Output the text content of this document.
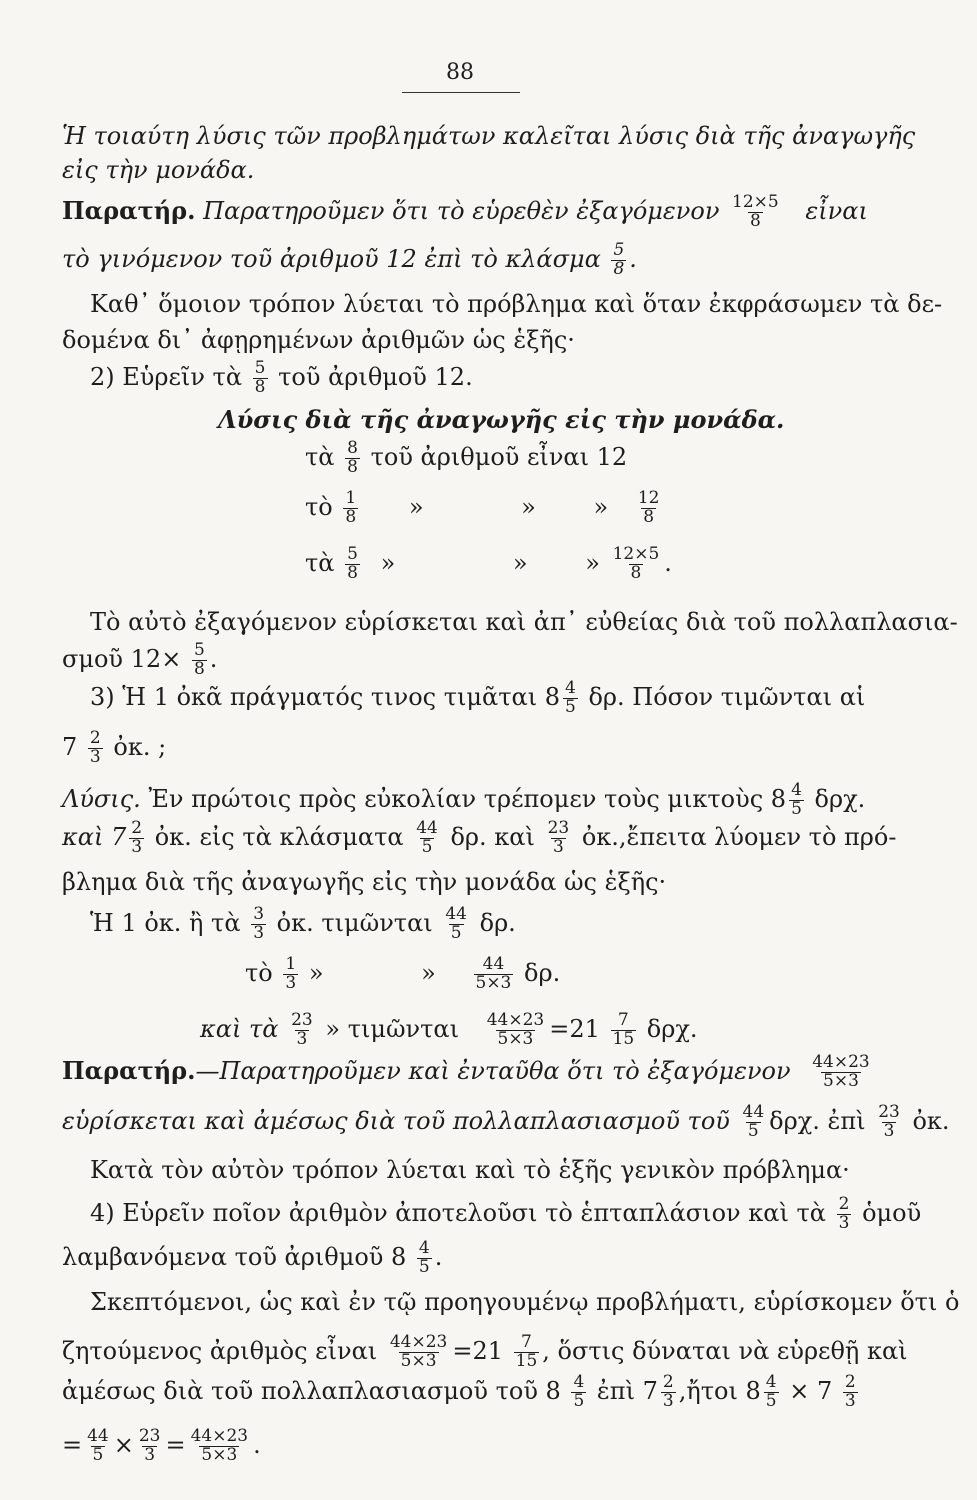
88
Ἡ τοιαύτη λύσις τῶν προβλημάτων καλεῖται λύσις διὰ τῆς ἀναγωγῆς
εἰς τὴν μονάδα.
Παρατήρ. Παρατηροῦμεν ὅτι τὸ εὑρεθὲν ἐξαγόμενον $\frac{12\times 5}{8}$ εἶναι
τὸ γινόμενον τοῦ ἀριθμοῦ 12 ἐπὶ τὸ κλάσμα $\frac{5}{8}$ .
Καθ᾽ ὅμοιον τρόπον λύεται τὸ πρόβλημα καὶ ὅταν ἐκφράσωμεν τὰ δε-
δομένα δι᾽ ἀφῃρημένων ἀριθμῶν ὡς ἑξῆς·
2) Εὑρεῖν τὰ $\frac{5}{8}$ τοῦ ἀριθμοῦ 12.
Λύσις διὰ τῆς ἀναγωγῆς εἰς τὴν μονάδα.
τὰ $\frac{8}{8}$ τοῦ ἀριθμοῦ εἶναι 12
τὸ $\frac{1}{8}$ »	» » $\frac{12}{8}$
τὰ $\frac{5}{8}$ »	» » $\frac{12\times 5}{8}$ .
Τὸ αὐτὸ ἐξαγόμενον εὑρίσκεται καὶ ἀπ᾽ εὐθείας διὰ τοῦ πολλαπλασια-
σμοῦ $12\times \frac{5}{8}$ .
3) Ἡ 1 ὀκᾶ πράγματός τινος τιμᾶται $8 \frac{4}{5} \delta\rho$. Πόσον τιμῶνται αἱ
$7 \frac{2}{3}$ ὀκ. ;
Λύσις. Ἐν πρώτοις πρὸς εὐκολίαν τρέπομεν τοὺς μικτοὺς $8 \frac{4}{5} \delta\rho\chi$.
καὶ $7 \frac{2}{3}$ ὀκ. εἰς τὰ κλάσματα $\frac{44}{5} \delta\rho$. καὶ $\frac{23}{3}$ ὀκ.,ἔπειτα λύομεν τὸ πρό-
βλημα διὰ τῆς ἀναγωγῆς εἰς τὴν μονάδα ὡς ἑξῆς·
Ἡ 1 ὀκ. ἢ τὰ $\frac{3}{3}$ ὀκ. τιμῶνται $\frac{44}{5} \delta\rho$.
τὸ $\frac{1}{3}$ »	» $\frac{44}{5\times 3} \delta\rho$.
καὶ τὰ $\frac{23}{3}$ » τιμῶνται $\frac{44\times 23}{5\times 3} =21 \frac{7}{15} \delta\rho\chi$.
Παρατήρ.—Παρατηροῦμεν καὶ ἐνταῦθα ὅτι τὸ ἐξαγόμενον $\frac{44\times 23}{5\times 3}$
εὑρίσκεται καὶ ἀμέσως διὰ τοῦ πολλαπλασιασμοῦ τοῦ $\frac{44}{5} \delta\rho\chi$. ἐπὶ $\frac{23}{3}$ ὀκ.
Κατὰ τὸν αὐτὸν τρόπον λύεται καὶ τὸ ἑξῆς γενικὸν πρόβλημα·
4) Εὑρεῖν ποῖον ἀριθμὸν ἀποτελοῦσι τὸ ἑπταπλάσιον καὶ τὰ $\frac{2}{3}$ ὁμοῦ
λαμβανόμενα τοῦ ἀριθμοῦ $8 \frac{4}{5}$ .
Σκεπτόμενοι, ὡς καὶ ἐν τῷ προηγουμένῳ προβλήματι, εὑρίσκομεν ὅτι ὁ
ζητούμενος ἀριθμὸς εἶναι $\frac{44\times 23}{5\times 3} =21 \frac{7}{15}$ , ὅστις δύναται νὰ εὑρεθῇ καὶ
ἀμέσως διὰ τοῦ πολλαπλασιασμοῦ τοῦ $8 \frac{4}{5}$ ἐπὶ $7 \frac{2}{3}$ ,ἤτοι $8 \frac{4}{5} \times 7 \frac{2}{3}$
= $\frac{44}{5} \times \frac{23}{3} = \frac{44\times 23}{5\times 3}$ .
